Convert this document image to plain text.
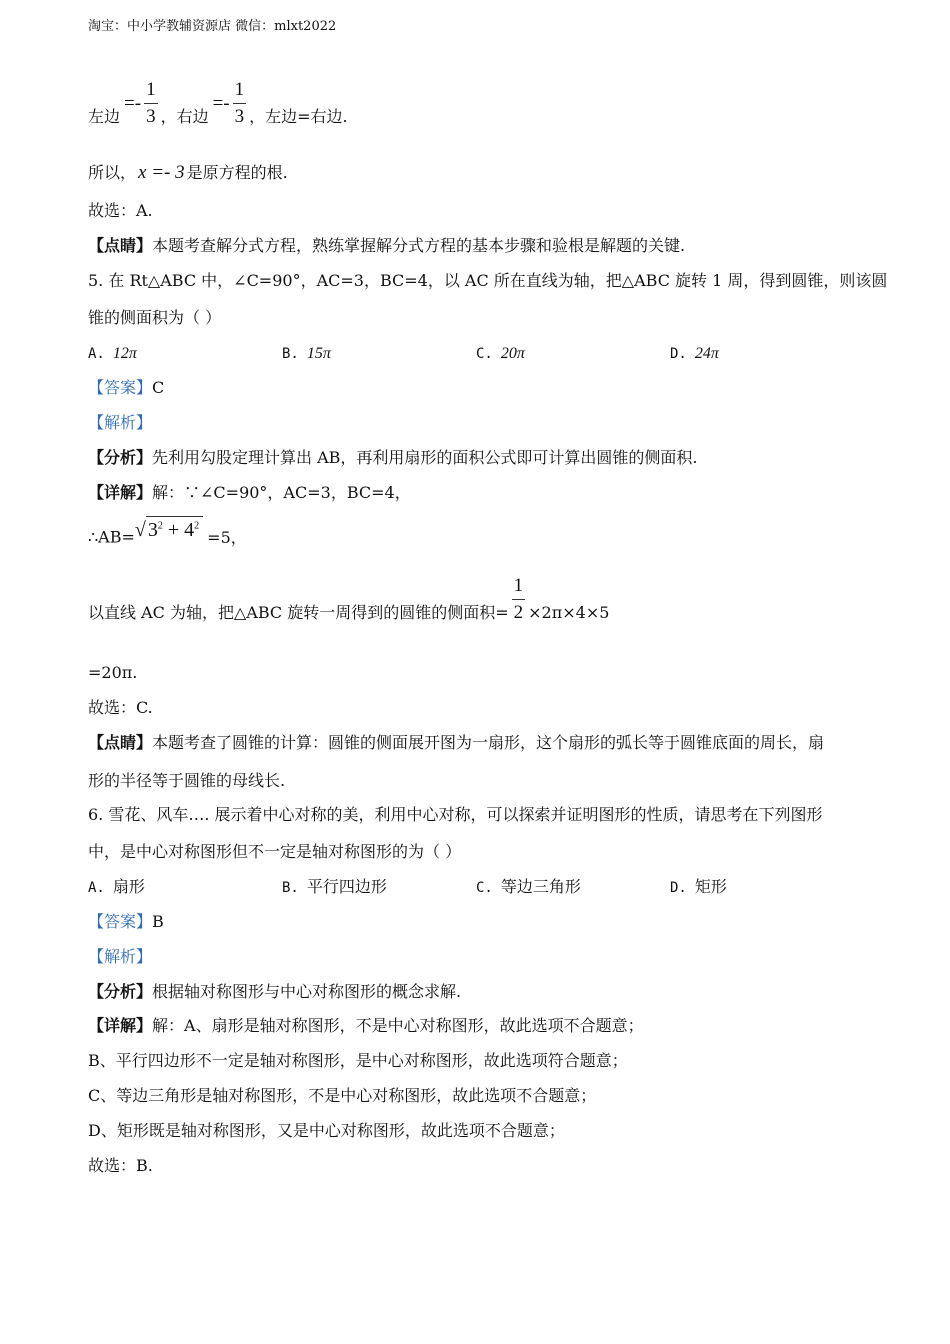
淘宝：中小学教辅资源店 微信：mlxt2022
左边=- $\frac{1}{3}$ ，右边=- $\frac{1}{3}$ ，左边=右边.
所以， x =- 3 是原方程的根.
故选：A.
【点睛】本题考查解分式方程，熟练掌握解分式方程的基本步骤和验根是解题的关键.
5. 在 Rt△ABC 中，∠C=90°，AC=3，BC=4，以 AC 所在直线为轴，把△ABC 旋转 1 周，得到圆锥，则该圆
锥的侧面积为（ ）
A. 12π	B. 15π	C. 20π	D. 24π
【答案】C
【解析】
【分析】先利用勾股定理计算出 AB，再利用扇形的面积公式即可计算出圆锥的侧面积.
【详解】解：∵∠C=90°，AC=3，BC=4，
∴AB=√ $3^2 + 4^2=5$，
以直线 AC 为轴，把△ABC 旋转一周得到的圆锥的侧面积= $\frac{1}{2} \times 2\pi\times 4\times 5$
=20π.
故选：C.
【点睛】本题考查了圆锥的计算：圆锥的侧面展开图为一扇形，这个扇形的弧长等于圆锥底面的周长，扇
形的半径等于圆锥的母线长.
6. 雪花、风车…. 展示着中心对称的美，利用中心对称，可以探索并证明图形的性质，请思考在下列图形
中，是中心对称图形但不一定是轴对称图形的为（ ）
A. 扇形	B. 平行四边形	C. 等边三角形	D. 矩形
【答案】B
【解析】
【分析】根据轴对称图形与中心对称图形的概念求解.
【详解】解：A、扇形是轴对称图形，不是中心对称图形，故此选项不合题意；
B、平行四边形不一定是轴对称图形，是中心对称图形，故此选项符合题意；
C、等边三角形是轴对称图形，不是中心对称图形，故此选项不合题意；
D、矩形既是轴对称图形，又是中心对称图形，故此选项不合题意；
故选：B.
